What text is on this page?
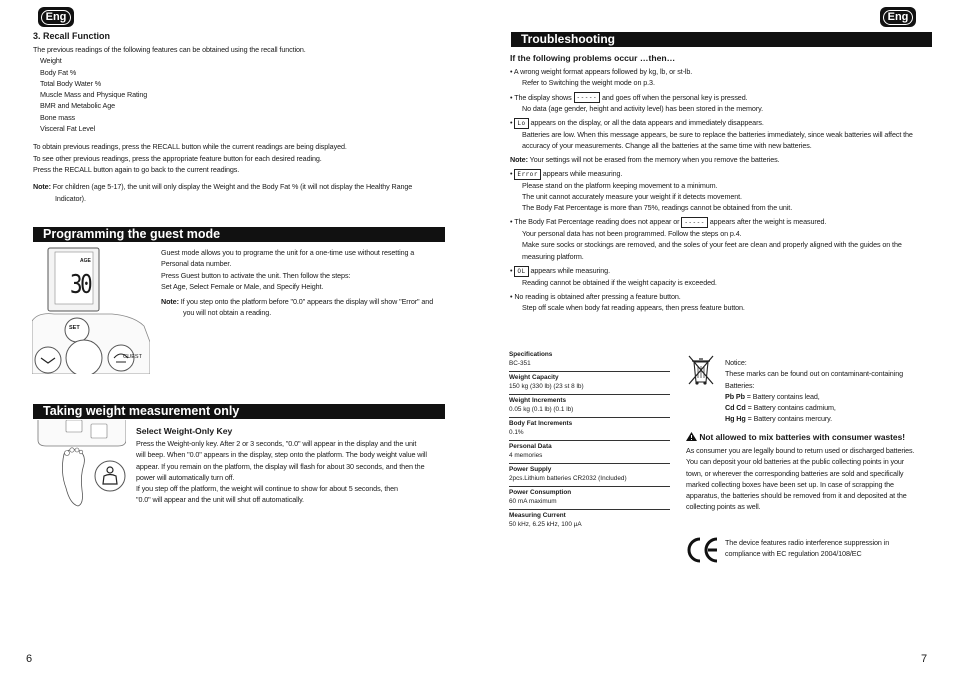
Eng	Eng

3. Recall Function

The previous readings of the following features can be obtained using the recall function.

Weight

Body Fat %

Total Body Water %

Muscle Mass and Physique Rating

BMR and Metabolic Age

Bone mass

Visceral Fat Level

To obtain previous readings, press the RECALL button while the current readings are being displayed.

To see other previous readings, press the appropriate feature button for each desired reading.

Press the RECALL button again to go back to the current readings.

Note: For children (age 5-17), the unit will only display the Weight and the Body Fat % (it will not display the Healthy Range

Indicator).

Programming the guest mode
AGE
30
SET
GUEST

Guest mode allows you to programe the unit for a one-time use without resetting a

Personal data number.

Press Guest button to activate the unit. Then follow the steps:

Set Age, Select Female or Male, and Specify Height.

Note: If you step onto the platform before "0.0" appears the display will show "Error" and

you will not obtain a reading.

Taking weight measurement only

Select Weight-Only Key

Press the Weight-only key. After 2 or 3 seconds, "0.0" will appear in the display and the unit

will beep. When "0.0" appears in the display, step onto the platform. The body weight value will

appear. If you remain on the platform, the display will flash for about 30 seconds, and then the

power will automatically turn off.

If you step off the platform, the weight will continue to show for about 5 seconds, then

"0.0" will appear and the unit will shut off automatically.

6
Troubleshooting

If the following problems occur …then…

• A wrong weight format appears followed by kg, lb, or st-lb.

Refer to Switching the weight mode on p.3.

• The display shows ----- and goes off when the personal key is pressed.

No data (age gender, height and activity level) has been stored in the memory.

• Lo appears on the display, or all the data appears and immediately disappears.

Batteries are low. When this message appears, be sure to replace the batteries immediately, since weak batteries will affect the

accuracy of your measurements. Change all the batteries at the same time with new batteries.

Note: Your settings will not be erased from the memory when you remove the batteries.

• Error appears while measuring.

Please stand on the platform keeping movement to a minimum.

The unit cannot accurately measure your weight if it detects movement.

The Body Fat Percentage is more than 75%, readings cannot be obtained from the unit.

• The Body Fat Percentage reading does not appear or ----- appears after the weight is measured.

Your personal data has not been programmed. Follow the steps on p.4.

Make sure socks or stockings are removed, and the soles of your feet are clean and properly aligned with the guides on the

measuring platform.

• OL appears while measuring.

Reading cannot be obtained if the weight capacity is exceeded.

• No reading is obtained after pressing a feature button.

Step off scale when body fat reading appears, then press feature button.

Specifications

BC-351

Weight Capacity

150 kg (330 lb) (23 st 8 lb)

Weight Increments

0.05 kg (0.1 lb) (0.1 lb)

Body Fat Increments

0.1%

Personal Data

4 memories

Power Supply

2pcs.Lithium batteries CR2032 (Included)

Power Consumption

60 mA maximum

Measuring Current

50 kHz, 6.25 kHz, 100 µA

Notice:

These marks can be found out on contaminant-containing

Batteries:

Pb Pb = Battery contains lead,

Cd Cd = Battery contains cadmium,

Hg Hg = Battery contains mercury.

Not allowed to mix batteries with consumer wastes!

As consumer you are legally bound to return used or discharged batteries.

You can deposit your old batteries at the public collecting points in your

town, or wherever the corresponding batteries are sold and specifically

marked collecting boxes have been set up. In case of scrapping the

apparatus, the batteries should be removed from it and deposited at the

collecting points as well.

The device features radio interference suppression in

compliance with EC regulation 2004/108/EC

7
